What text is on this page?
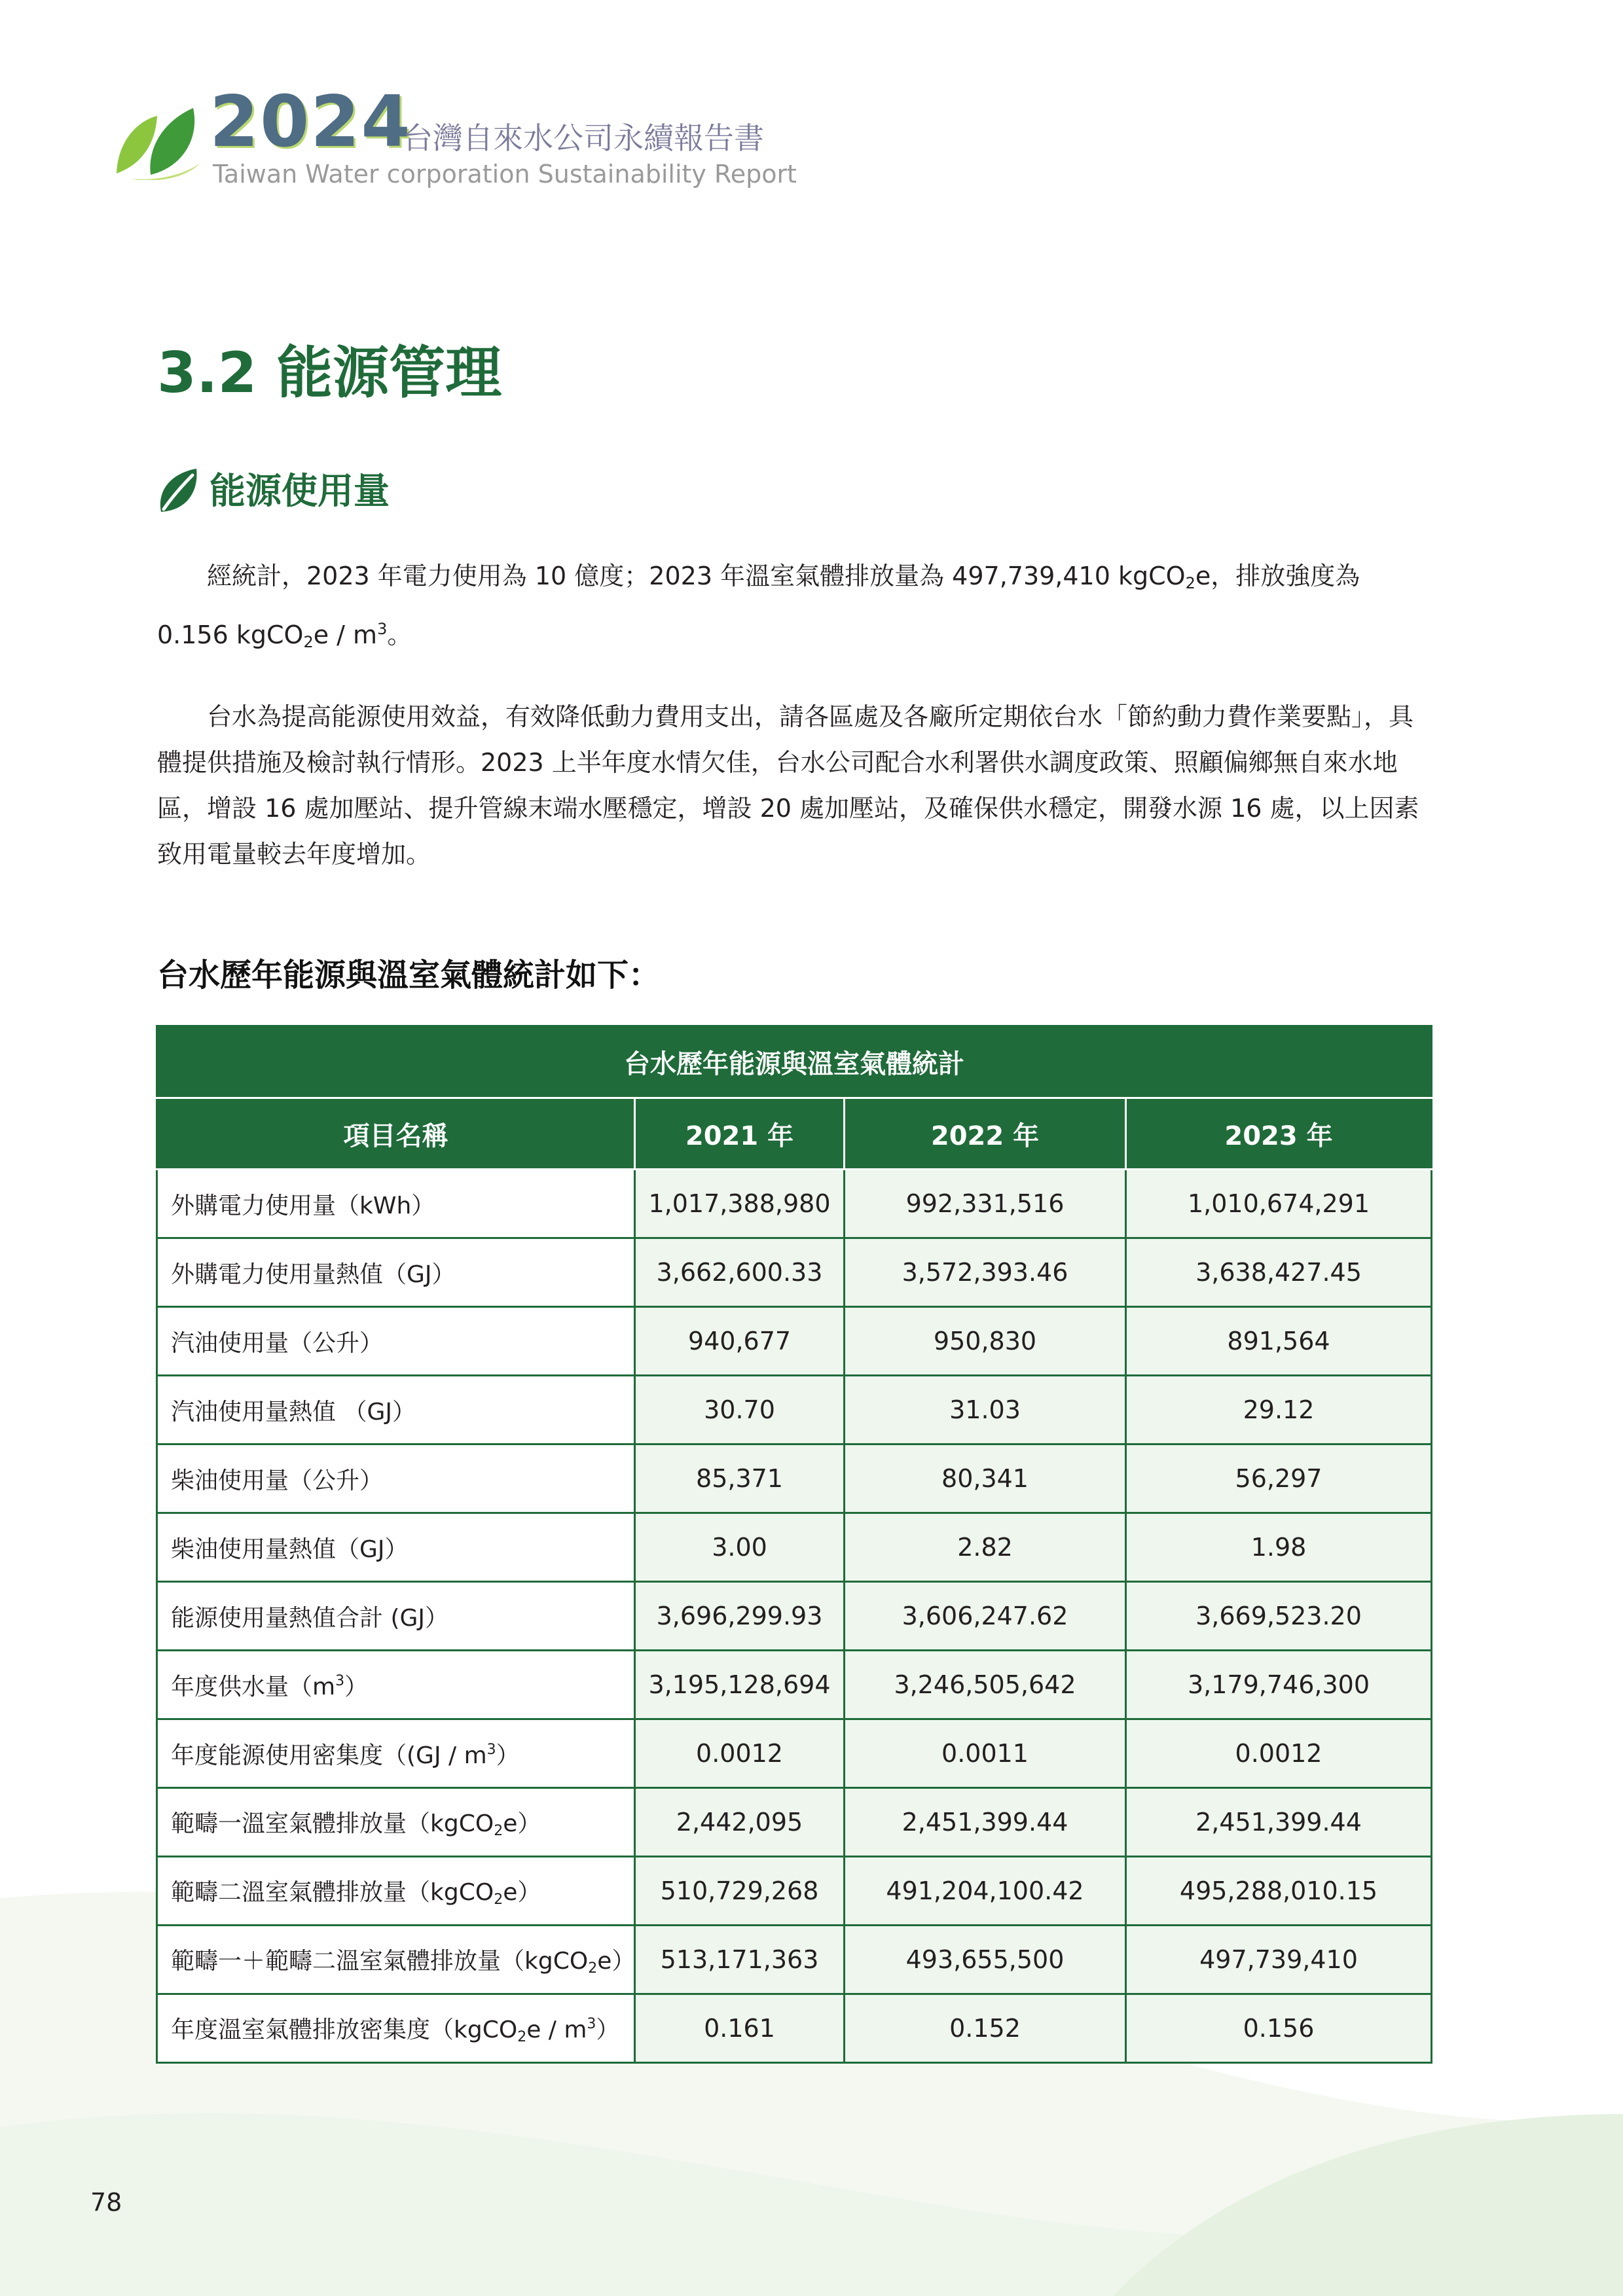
2024
台灣自來水公司永續報告書
Taiwan Water corporation Sustainability Report
3.2 能源管理
能源使用量

經統計，2023 年電力使用為 10 億度；2023 年溫室氣體排放量為 497,739,410 kgCO$_2$e，排放強度為 0.156 kgCO$_2$e / $m^3$。

台水為提高能源使用效益，有效降低動力費用支出，請各區處及各廠所定期依台水「節約動力費作業要點」，具體提供措施及檢討執行情形。2023 上半年度水情欠佳，台水公司配合水利署供水調度政策、照顧偏鄉無自來水地區，增設 16 處加壓站、提升管線末端水壓穩定，增設 20 處加壓站，及確保供水穩定，開發水源 16 處，以上因素致用電量較去年度增加。

台水歷年能源與溫室氣體統計如下：
台水歷年能源與溫室氣體統計			
項目名稱	2021 年	2022 年	2023 年
外購電力使用量（kWh）	1,017,388,980	992,331,516	1,010,674,291
外購電力使用量熱值（GJ）	3,662,600.33	3,572,393.46	3,638,427.45
汽油使用量（公升）	940,677	950,830	891,564
汽油使用量熱值 （GJ）	30.70	31.03	29.12
柴油使用量（公升）	85,371	80,341	56,297
柴油使用量熱值（GJ）	3.00	2.82	1.98
能源使用量熱值合計 (GJ）	3,696,299.93	3,606,247.62	3,669,523.20
年度供水量$(m^3)$	3,195,128,694	3,246,505,642	3,179,746,300
年度能源使用密集度（$(GJ / m^3)$	0.0012	0.0011	0.0012
範疇一溫室氣體排放量（kgCO$_2$e）	2,442,095	2,451,399.44	2,451,399.44
範疇二溫室氣體排放量（kgCO$_2$e）	510,729,268	491,204,100.42	495,288,010.15
範疇一＋範疇二溫室氣體排放量（kgCO$_2$e）	513,171,363	493,655,500	497,739,410
年度溫室氣體排放密集度（kgCO$_2$e / $m^3$）	0.161	0.152	0.156
78
